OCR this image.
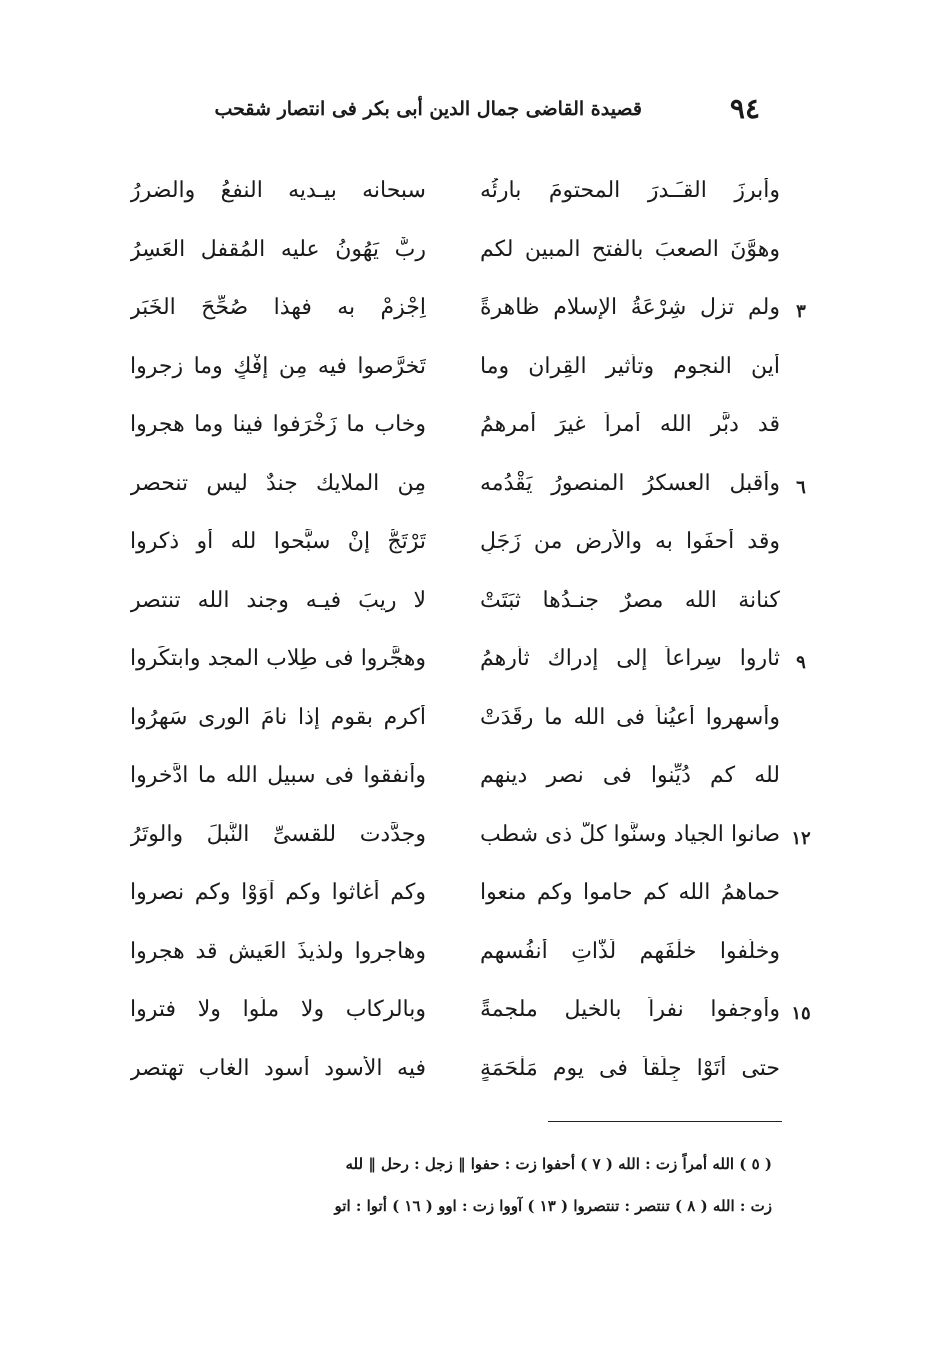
٩٤
قصيدة القاضى جمال الدين أبى بكر فى انتصار شقحب
وأبرزَ القـَـدرَ المحتومَ بارئُه
سبحانه بيـديه النفعُ والضررُ
وهوَّنَ الصعبَ بالفتح المبين لكم
ربٌّ يَهُونُ عليه المُقفل العَسِرُ
٣
ولم تزل شِرْعَةُ الإسلام ظاهرةً
اِجْزِمْ به فهذا صُحِّحَ الخَبَر
أين النجوم وتأثير القِران وما
تَخرَّصوا فيه مِن إفْكٍ وما زجروا
قد دبَّر الله أمراً غيرَ أمرِهمُ
وخاب ما زَخْرَفوا فينا وما هجروا
٦
وأقبل العسكرُ المنصورُ يَقْدُمه
مِن الملايك جندٌ ليس تنحصر
وقد أحفَوا به والأرض من زَجَلٍ
تَرْتَجُّ إنْ سبَّحوا لله أو ذكروا
كنانة الله مصرٌ جنـدُها ثبَتَتْ
لا ريبَ فيـه وجند الله تنتصر
٩
ثاروا سِراعاً إلى إدراك ثأرِهمُ
وهجَّروا فى طِلاب المجد وابتكَروا
وأسهروا أعيُناً فى الله ما رقَدَتْ
أكرِم بقومٍ إذا نامَ الورى سَهِرُوا
لله كم دُيِّنوا فى نصر دينهم
وأنفقوا فى سبيل الله ما ادَّخروا
١٢
صانوا الجياد وسنَّوا كلَّ ذى شطب
وجدَّدت للقسىِّ النَّبلَ والوتَرُ
حماهمُ الله كم حاموا وكم منعوا
وكم أغاثوا وكم آوَوْا وكم نصروا
وخلَّفوا خلْفَهم لَذّاتِ أنفُسهم
وهاجروا ولذيذَ العَيشِ قد هجروا
١٥
وأوجفوا نفراً بالخيل ملجمةً
وبالركاب ولا ملّوا ولا فتروا
حتى أتَوْا جِلِّقاً فى يوم مَلْحَمَةٍ
فيه الأُسود أسود الغاب تهتصر
( ٥ ) الله أمراً زت : الله ( ٧ ) أحفوا زت : حفوا ‖ زجل : رحل ‖ لله
زت : الله ( ٨ ) تنتصر : تنتصروا ( ١٣ ) آووا زت : اوو ( ١٦ ) أتوا : اتو
